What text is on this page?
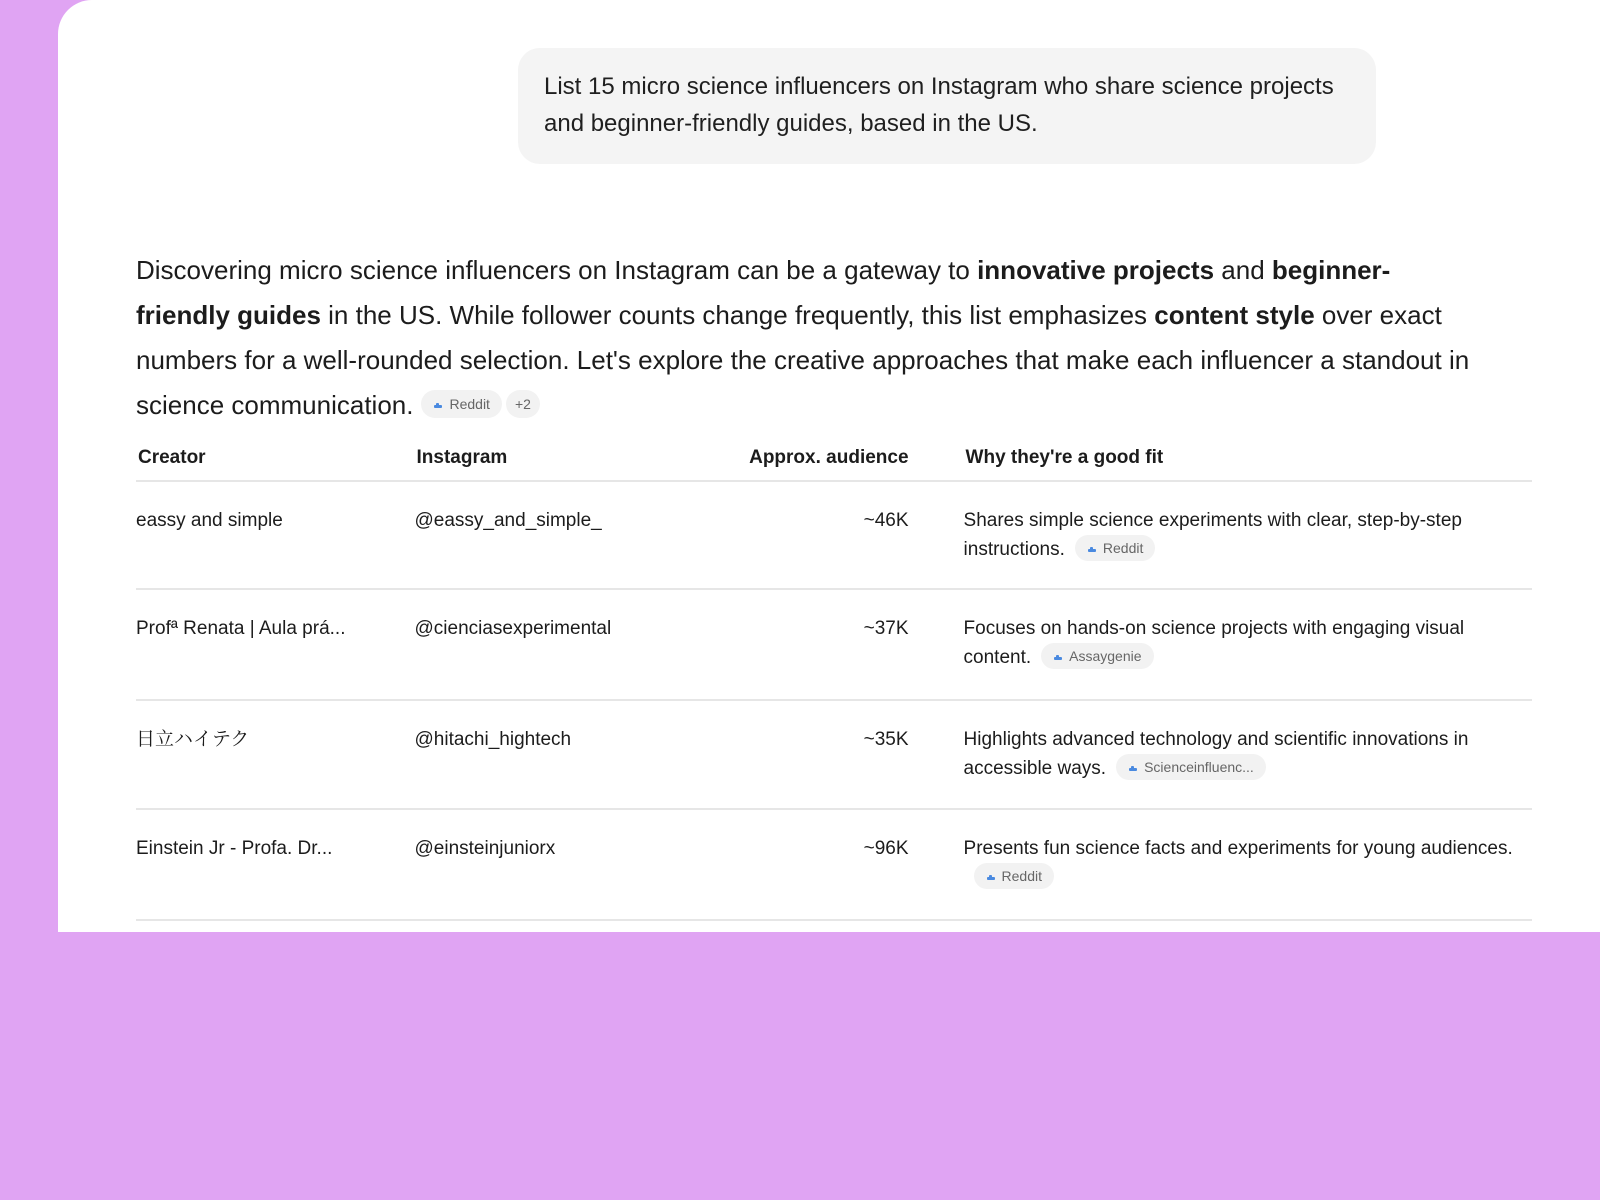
List 15 micro science influencers on Instagram who share science projects and beginner-friendly guides, based in the US.

Discovering micro science influencers on Instagram can be a gateway to innovative projects and beginner-friendly guides in the US. While follower counts change frequently, this list emphasizes content style over exact numbers for a well-rounded selection. Let's explore the creative approaches that make each influencer a standout in science communication.	Reddit +2

Creator	Instagram	Approx. audience	Why they're a good fit
eassy and simple	@eassy_and_simple_	~46K	Shares simple science experiments with clear, step-by-step instructions. Reddit

Profª Renata | Aula prá...	@cienciasexperimental	~37K	Focuses on hands-on science projects with engaging visual content. Assaygenie

日立ハイテク	@hitachi_hightech	~35K	Highlights advanced technology and scientific innovations in accessible ways. Scienceinfluenc...

Einstein Jr - Profa. Dr...	@einsteinjuniorx	~96K	Presents fun science facts and experiments for young audiences.
Reddit
